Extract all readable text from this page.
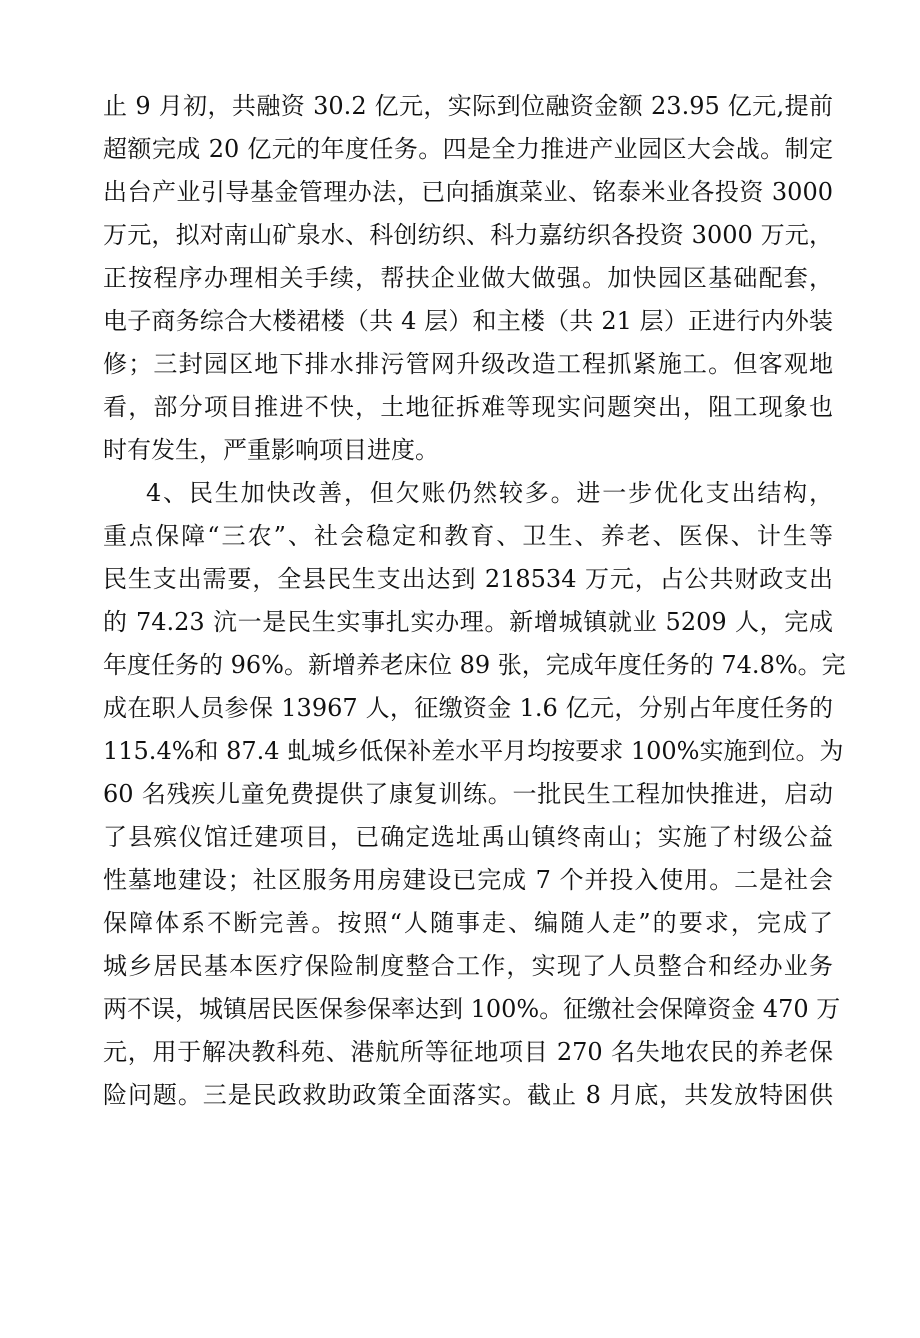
止 9 月初，共融资 30.2 亿元，实际到位融资金额 23.95 亿元,提前
超额完成 20 亿元的年度任务。四是全力推进产业园区大会战。制定
出台产业引导基金管理办法，已向插旗菜业、铭泰米业各投资 3000
万元，拟对南山矿泉水、科创纺织、科力嘉纺织各投资 3000 万元，
正按程序办理相关手续，帮扶企业做大做强。加快园区基础配套，
电子商务综合大楼裙楼（共 4 层）和主楼（共 21 层）正进行内外装
修；三封园区地下排水排污管网升级改造工程抓紧施工。但客观地
看，部分项目推进不快，土地征拆难等现实问题突出，阻工现象也
时有发生，严重影响项目进度。
4、民生加快改善，但欠账仍然较多。进一步优化支出结构，
重点保障“三农”、社会稳定和教育、卫生、养老、医保、计生等
民生支出需要，全县民生支出达到 218534 万元，占公共财政支出
的 74.23 沆一是民生实事扎实办理。新增城镇就业 5209 人，完成
年度任务的 96%。新增养老床位 89 张，完成年度任务的 74.8%。完
成在职人员参保 13967 人，征缴资金 1.6 亿元，分别占年度任务的
115.4%和 87.4 虬城乡低保补差水平月均按要求 100%实施到位。为
60 名残疾儿童免费提供了康复训练。一批民生工程加快推进，启动
了县殡仪馆迁建项目，已确定选址禹山镇终南山；实施了村级公益
性墓地建设；社区服务用房建设已完成 7 个并投入使用。二是社会
保障体系不断完善。按照“人随事走、编随人走”的要求，完成了
城乡居民基本医疗保险制度整合工作，实现了人员整合和经办业务
两不误，城镇居民医保参保率达到 100%。征缴社会保障资金 470 万
元，用于解决教科苑、港航所等征地项目 270 名失地农民的养老保
险问题。三是民政救助政策全面落实。截止 8 月底，共发放特困供
